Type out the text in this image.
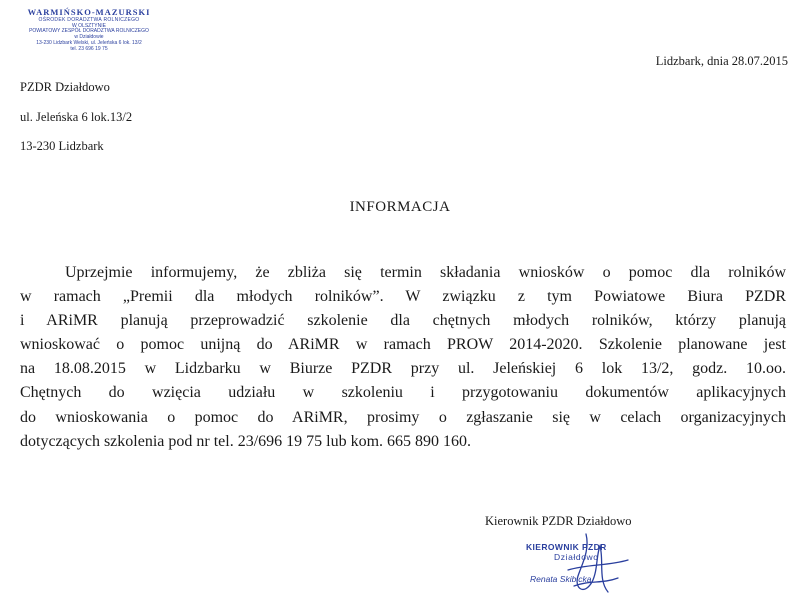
WARMIŃSKO-MAZURSKI
OŚRODEK DORADZTWA ROLNICZEGO
W OLSZTYNIE
POWIATOWY ZESPÓŁ DORADZTWA ROLNICZEGO
w Działdowie
13-230 Lidzbark Welski, ul. Jeleńska 6 lok. 13/2
tel. 23 696 19 75
Lidzbark, dnia 28.07.2015
PZDR Działdowo
ul. Jeleńska 6 lok.13/2
13-230 Lidzbark
INFORMACJA
Uprzejmie informujemy, że zbliża się termin składania wniosków o pomoc dla rolników
w ramach „Premii dla młodych rolników”. W związku z tym Powiatowe Biura PZDR
i ARiMR planują przeprowadzić szkolenie dla chętnych młodych rolników, którzy planują
wnioskować o pomoc unijną do ARiMR w ramach PROW 2014-2020. Szkolenie planowane jest
na 18.08.2015 w Lidzbarku w Biurze PZDR przy ul. Jeleńskiej 6 lok 13/2, godz. 10.oo.
Chętnych do wzięcia udziału w szkoleniu i przygotowaniu dokumentów aplikacyjnych
do wnioskowania o pomoc do ARiMR, prosimy o zgłaszanie się w celach organizacyjnych
dotyczących szkolenia pod nr tel. 23/696 19 75 lub kom. 665 890 160.
Kierownik PZDR Działdowo
KIEROWNIK PZDR
Działdowo
Renata Skibicka
